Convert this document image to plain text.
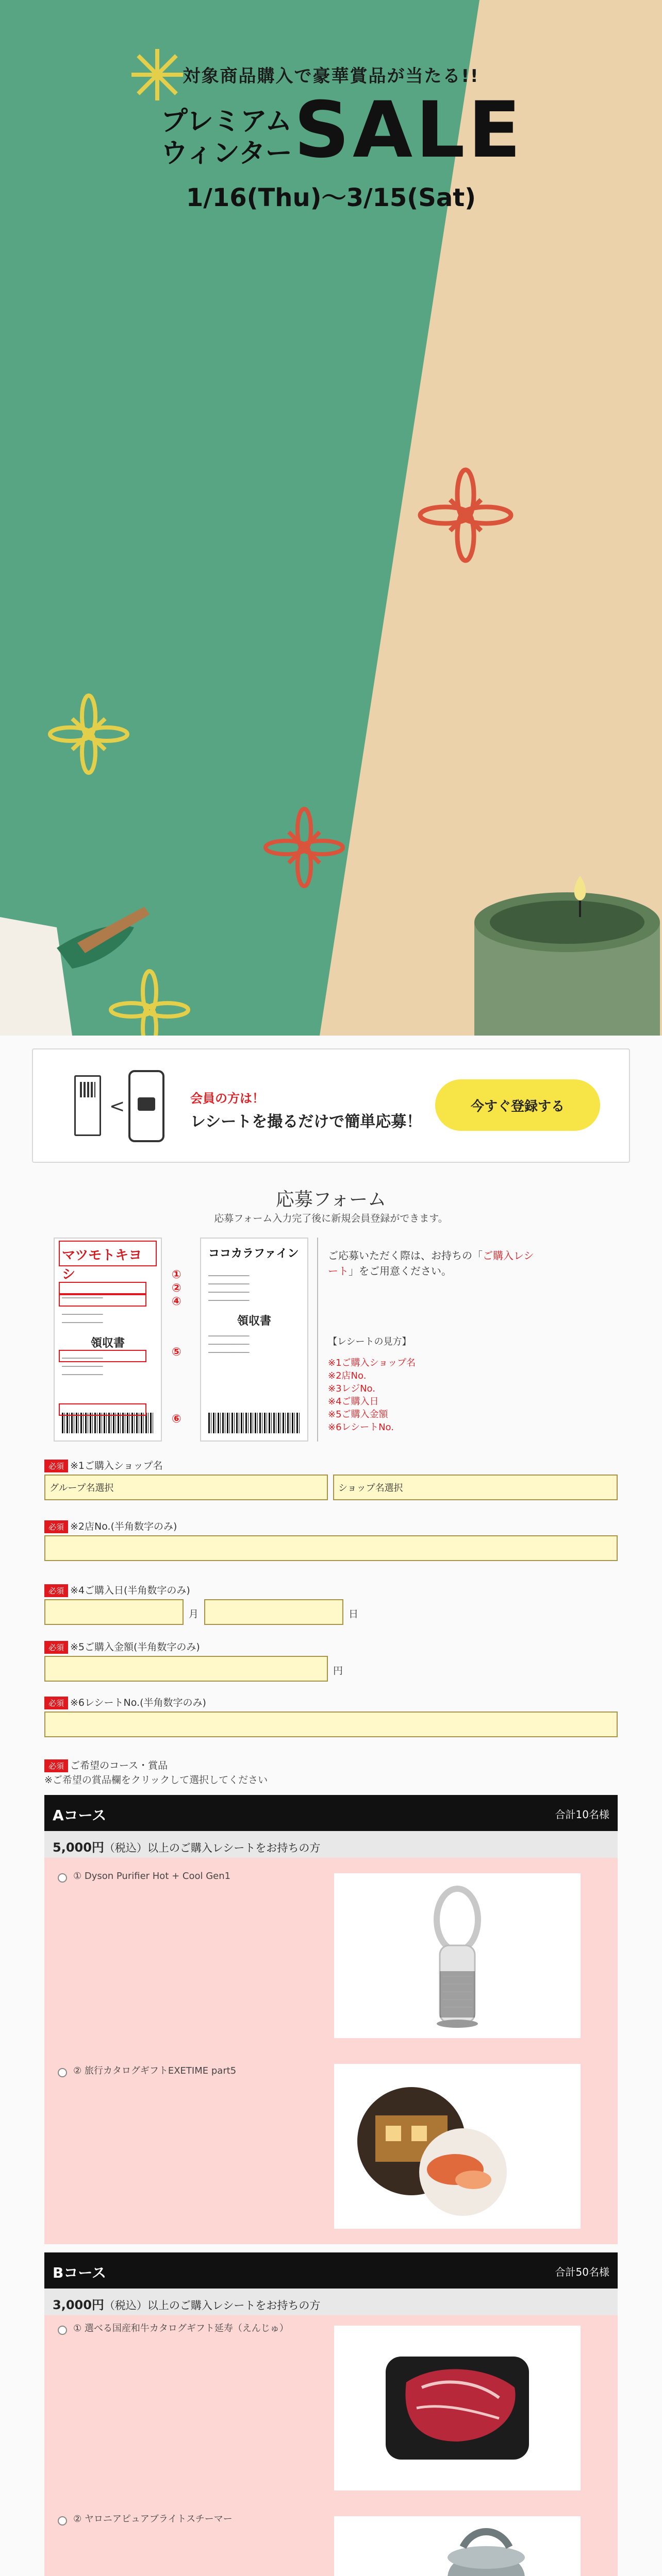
対象商品購入で豪華賞品が当たる!!
プレミアム
ウィンター SALE
1/16(Thu)〜3/15(Sat)
<	会員の方は！
レシートを撮るだけで簡単応募！
今すぐ登録する
応募フォーム
応募フォーム入力完了後に新規会員登録ができます。
マツモトキヨシ
────────────
────────────
────────────
────────────
領収書
────────────
────────────
────────────
①
②
④
⑤
⑥
ココカラファイン
────────────
────────────
────────────
────────────
領収書
────────────
────────────
────────────
ご応募いただく際は、お持ちの「ご購入レシート」をご用意ください。
【レシートの見方】
※1ご購入ショップ名
※2店No.
※3レジNo.
※4ご購入日
※5ご購入金額
※6レシートNo.
必須 ※1ご購入ショップ名
グループ名選択	ショップ名選択
必須 ※2店No.(半角数字のみ)
必須 ※4ご購入日(半角数字のみ)
月	日
必須 ※5ご購入金額(半角数字のみ)
円
必須 ※6レシートNo.(半角数字のみ)
必須 ご希望のコース・賞品
※ご希望の賞品欄をクリックして選択してください
Aコース	合計10名様
5,000円（税込）以上のご購入レシートをお持ちの方
① Dyson Purifier Hot + Cool Gen1
② 旅行カタログギフトEXETIME part5
Bコース	合計50名様
3,000円（税込）以上のご購入レシートをお持ちの方
① 選べる国産和牛カタログギフト延寿（えんじゅ）
② ヤロニアピュアブライトスチーマー
